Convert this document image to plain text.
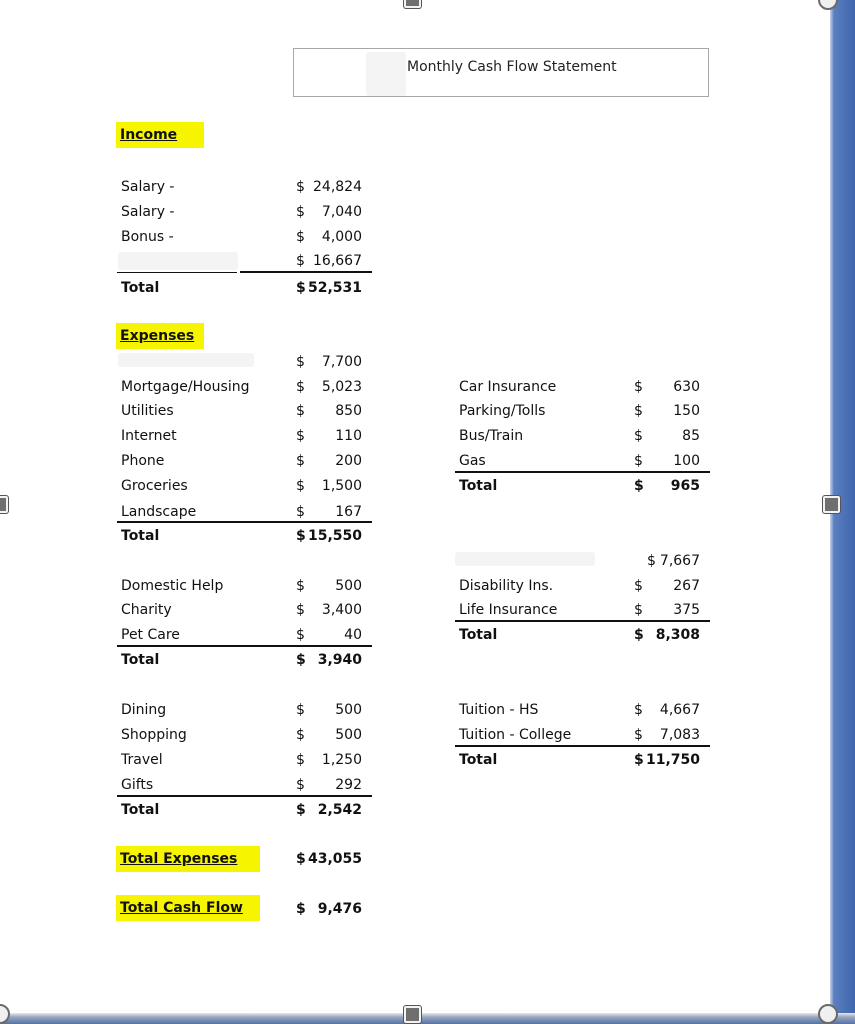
Monthly Cash Flow Statement
Income
Salary -	$ 24,824
Salary -	$	7,040
Bonus -	$	4,000
$ 16,667
Total	$ 52,531
Expenses
$	7,700
Mortgage/Housing	$	5,023
Utilities	$	850
Internet	$	110
Phone	$	200
Groceries	$	1,500
Landscape	$	167
Total	$ 15,550
Domestic Help	$	500
Charity	$	3,400
Pet Care	$	40
Total	$ 3,940
Dining	$	500
Shopping	$	500
Travel	$	1,250
Gifts	$	292
Total	$ 2,542
Total Expenses	$ 43,055
Total Cash Flow	$ 9,476
Car Insurance	$	630
Parking/Tolls	$	150
Bus/Train	$	85
Gas	$	100
Total	$	965
$ 7,667
Disability Ins.	$	267
Life Insurance	$	375
Total	$ 8,308
Tuition - HS	$	4,667
Tuition - College	$	7,083
Total	$ 11,750
